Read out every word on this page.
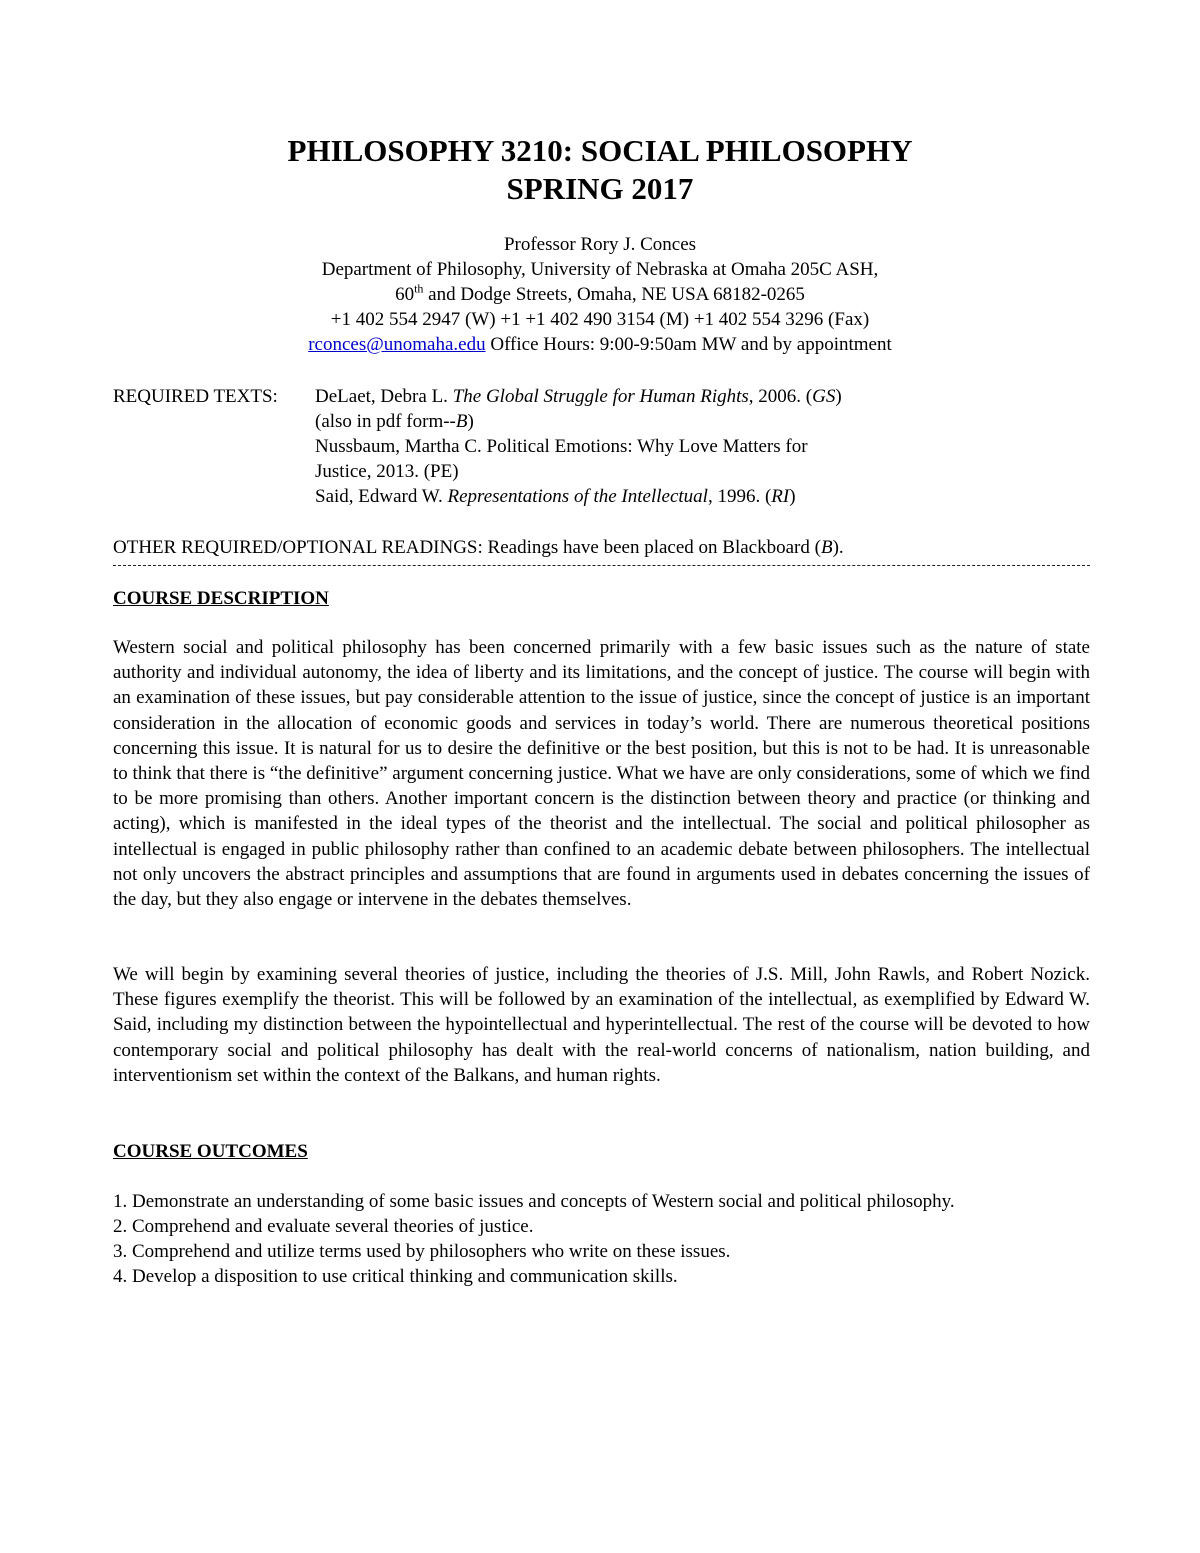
PHILOSOPHY 3210: SOCIAL PHILOSOPHY
SPRING 2017
Professor Rory J. Conces
Department of Philosophy, University of Nebraska at Omaha 205C ASH,
60th and Dodge Streets, Omaha, NE USA 68182-0265
+1 402 554 2947 (W) +1 +1 402 490 3154 (M) +1 402 554 3296 (Fax)
rconces@unomaha.edu Office Hours: 9:00-9:50am MW and by appointment
REQUIRED TEXTS: DeLaet, Debra L. The Global Struggle for Human Rights, 2006. (GS)
(also in pdf form--B)
Nussbaum, Martha C. Political Emotions: Why Love Matters for
Justice, 2013. (PE)
Said, Edward W. Representations of the Intellectual, 1996. (RI)
OTHER REQUIRED/OPTIONAL READINGS: Readings have been placed on Blackboard (B).
COURSE DESCRIPTION

Western social and political philosophy has been concerned primarily with a few basic issues such as the nature of state authority and individual autonomy, the idea of liberty and its limitations, and the concept of justice. The course will begin with an examination of these issues, but pay considerable attention to the issue of justice, since the concept of justice is an important consideration in the allocation of economic goods and services in today’s world. There are numerous theoretical positions concerning this issue. It is natural for us to desire the definitive or the best position, but this is not to be had. It is unreasonable to think that there is “the definitive” argument concerning justice. What we have are only considerations, some of which we find to be more promising than others. Another important concern is the distinction between theory and practice (or thinking and acting), which is manifested in the ideal types of the theorist and the intellectual. The social and political philosopher as intellectual is engaged in public philosophy rather than confined to an academic debate between philosophers. The intellectual not only uncovers the abstract principles and assumptions that are found in arguments used in debates concerning the issues of the day, but they also engage or intervene in the debates themselves.

We will begin by examining several theories of justice, including the theories of J.S. Mill, John Rawls, and Robert Nozick. These figures exemplify the theorist. This will be followed by an examination of the intellectual, as exemplified by Edward W. Said, including my distinction between the hypointellectual and hyperintellectual. The rest of the course will be devoted to how contemporary social and political philosophy has dealt with the real-world concerns of nationalism, nation building, and interventionism set within the context of the Balkans, and human rights.

COURSE OUTCOMES
1. Demonstrate an understanding of some basic issues and concepts of Western social and political philosophy.
2. Comprehend and evaluate several theories of justice.
3. Comprehend and utilize terms used by philosophers who write on these issues.
4. Develop a disposition to use critical thinking and communication skills.
